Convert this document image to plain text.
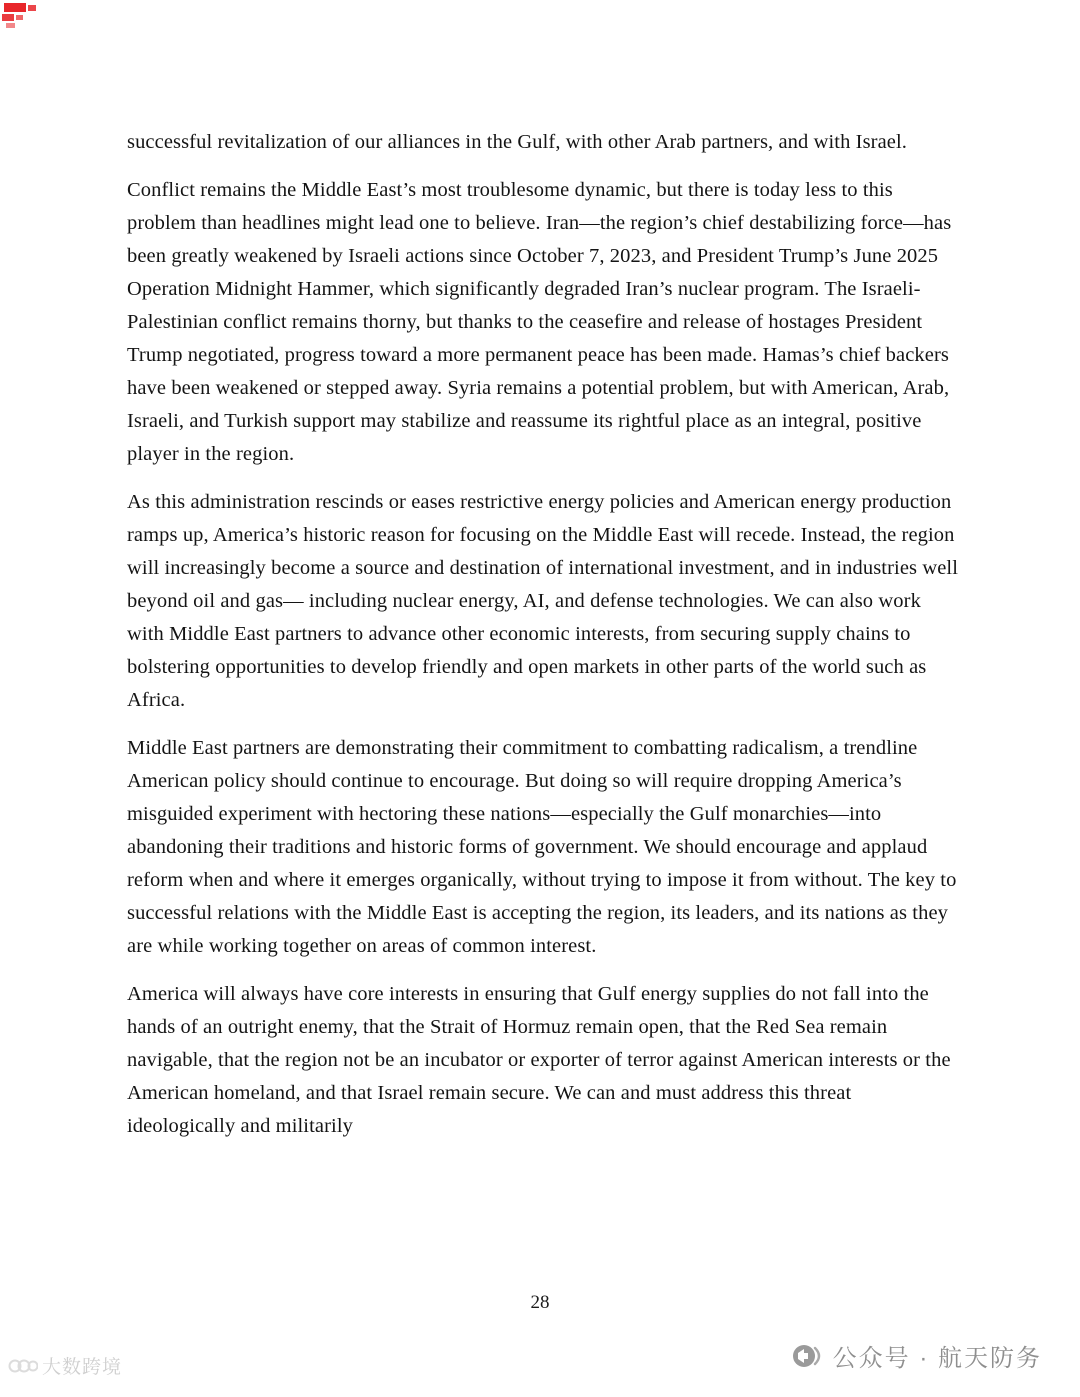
successful revitalization of our alliances in the Gulf, with other Arab partners, and with Israel.

Conflict remains the Middle East’s most troublesome dynamic, but there is today less to this problem than headlines might lead one to believe. Iran—the region’s chief destabilizing force—has been greatly weakened by Israeli actions since October 7, 2023, and President Trump’s June 2025 Operation Midnight Hammer, which significantly degraded Iran’s nuclear program. The Israeli-Palestinian conflict remains thorny, but thanks to the ceasefire and release of hostages President Trump negotiated, progress toward a more permanent peace has been made. Hamas’s chief backers have been weakened or stepped away. Syria remains a potential problem, but with American, Arab, Israeli, and Turkish support may stabilize and reassume its rightful place as an integral, positive player in the region.

As this administration rescinds or eases restrictive energy policies and American energy production ramps up, America’s historic reason for focusing on the Middle East will recede. Instead, the region will increasingly become a source and destination of international investment, and in industries well beyond oil and gas— including nuclear energy, AI, and defense technologies. We can also work with Middle East partners to advance other economic interests, from securing supply chains to bolstering opportunities to develop friendly and open markets in other parts of the world such as Africa.

Middle East partners are demonstrating their commitment to combatting radicalism, a trendline American policy should continue to encourage. But doing so will require dropping America’s misguided experiment with hectoring these nations—especially the Gulf monarchies—into abandoning their traditions and historic forms of government. We should encourage and applaud reform when and where it emerges organically, without trying to impose it from without. The key to successful relations with the Middle East is accepting the region, its leaders, and its nations as they are while working together on areas of common interest.

America will always have core interests in ensuring that Gulf energy supplies do not fall into the hands of an outright enemy, that the Strait of Hormuz remain open, that the Red Sea remain navigable, that the region not be an incubator or exporter of terror against American interests or the American homeland, and that Israel remain secure. We can and must address this threat ideologically and militarily

28
大数跨境	公众号 · 航天防务
